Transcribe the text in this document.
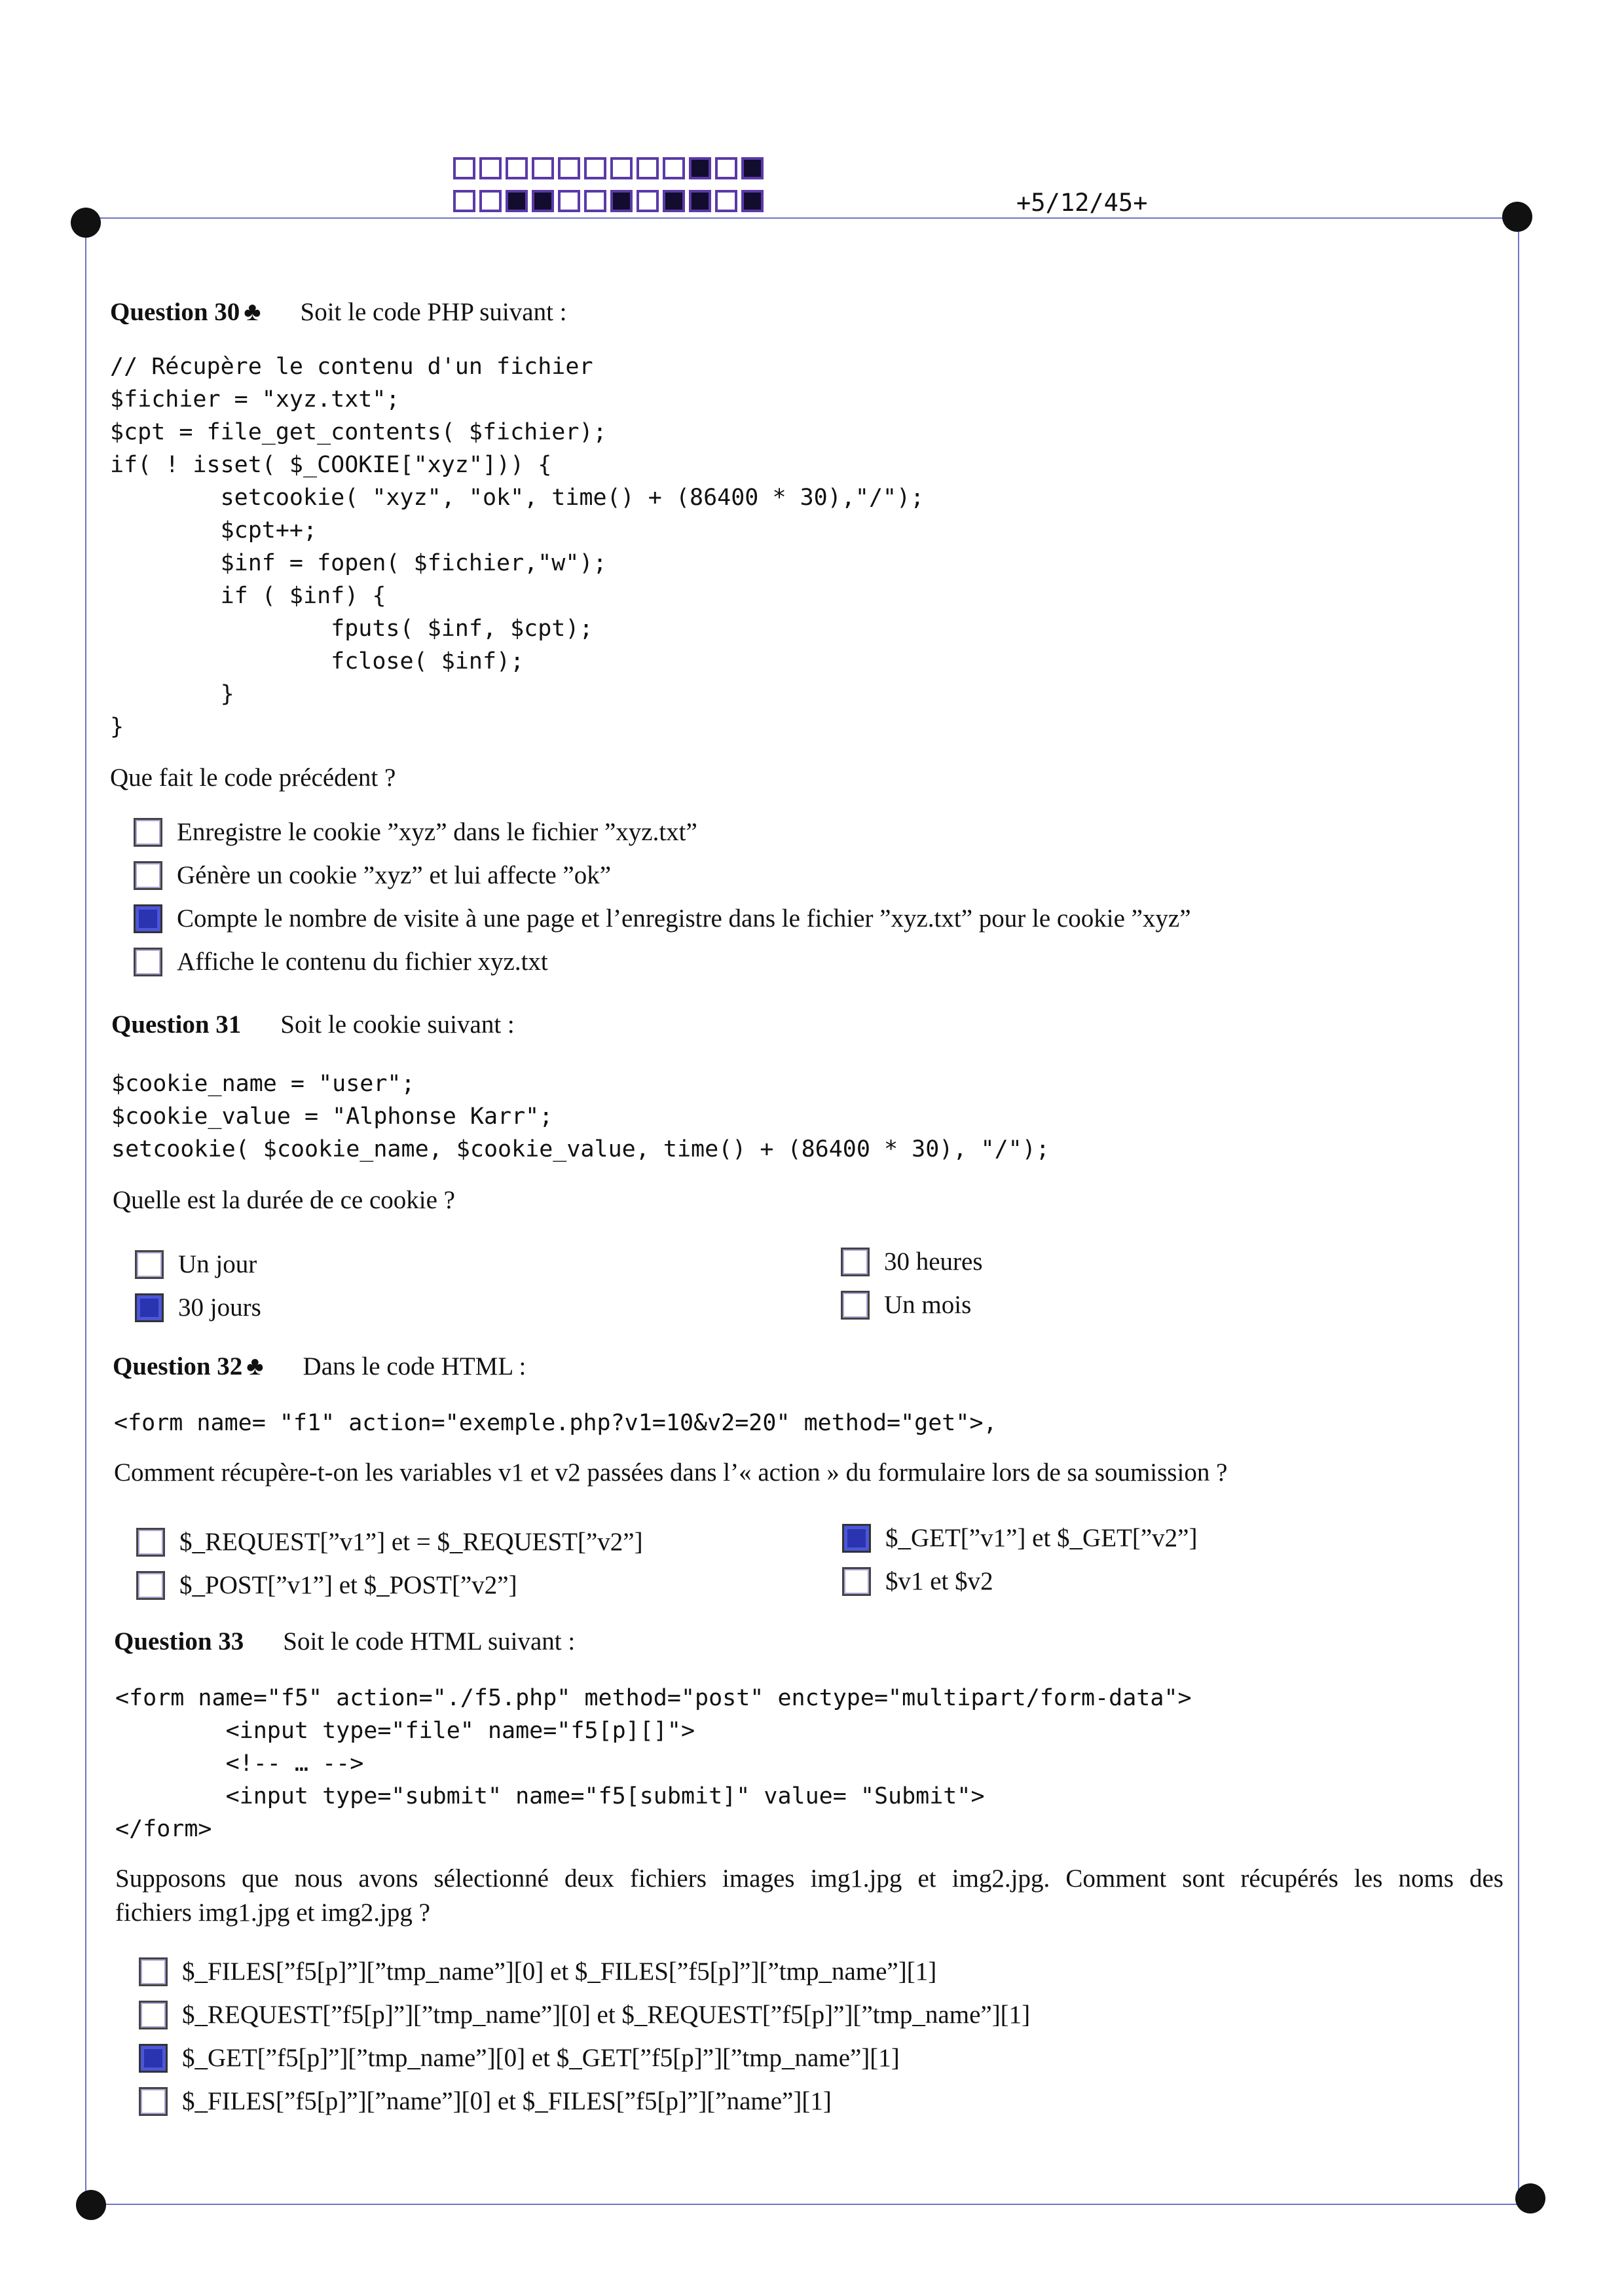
+5/12/45+
Question 30 ♣ Soit le code PHP suivant :
// Récupère le contenu d'un fichier
$fichier = "xyz.txt";
$cpt = file_get_contents( $fichier);
if( ! isset( $_COOKIE["xyz"])) {
setcookie( "xyz", "ok", time() + (86400 * 30),"/");
$cpt++;
$inf = fopen( $fichier,"w");
if ( $inf) {
fputs( $inf, $cpt);
fclose( $inf);
}
}
Que fait le code précédent ?
Enregistre le cookie ”xyz” dans le fichier ”xyz.txt”
Génère un cookie ”xyz” et lui affecte ”ok”
Compte le nombre de visite à une page et l’enregistre dans le fichier ”xyz.txt” pour le cookie ”xyz”
Affiche le contenu du fichier xyz.txt
Question 31 Soit le cookie suivant :
$cookie_name = "user";
$cookie_value = "Alphonse Karr";
setcookie( $cookie_name, $cookie_value, time() + (86400 * 30), "/");
Quelle est la durée de ce cookie ?
Un jour
30 jours
30 heures
Un mois
Question 32 ♣ Dans le code HTML :
<form name= "f1" action="exemple.php?v1=10&v2=20" method="get">,
Comment récupère-t-on les variables v1 et v2 passées dans l’« action » du formulaire lors de sa soumission ?
$_REQUEST[”v1”] et = $_REQUEST[”v2”]
$_POST[”v1”] et $_POST[”v2”]
$_GET[”v1”] et $_GET[”v2”]
$v1 et $v2
Question 33 Soit le code HTML suivant :
<form name="f5" action="./f5.php" method="post" enctype="multipart/form-data">
<input type="file" name="f5[p][]">
<!-- … -->
<input type="submit" name="f5[submit]" value= "Submit">
</form>
Supposons que nous avons sélectionné deux fichiers images img1.jpg et img2.jpg. Comment sont récupérés les noms des
fichiers img1.jpg et img2.jpg ?
$_FILES[”f5[p]”][”tmp_name”][0] et $_FILES[”f5[p]”][”tmp_name”][1]
$_REQUEST[”f5[p]”][”tmp_name”][0] et $_REQUEST[”f5[p]”][”tmp_name”][1]
$_GET[”f5[p]”][”tmp_name”][0] et $_GET[”f5[p]”][”tmp_name”][1]
$_FILES[”f5[p]”][”name”][0] et $_FILES[”f5[p]”][”name”][1]
